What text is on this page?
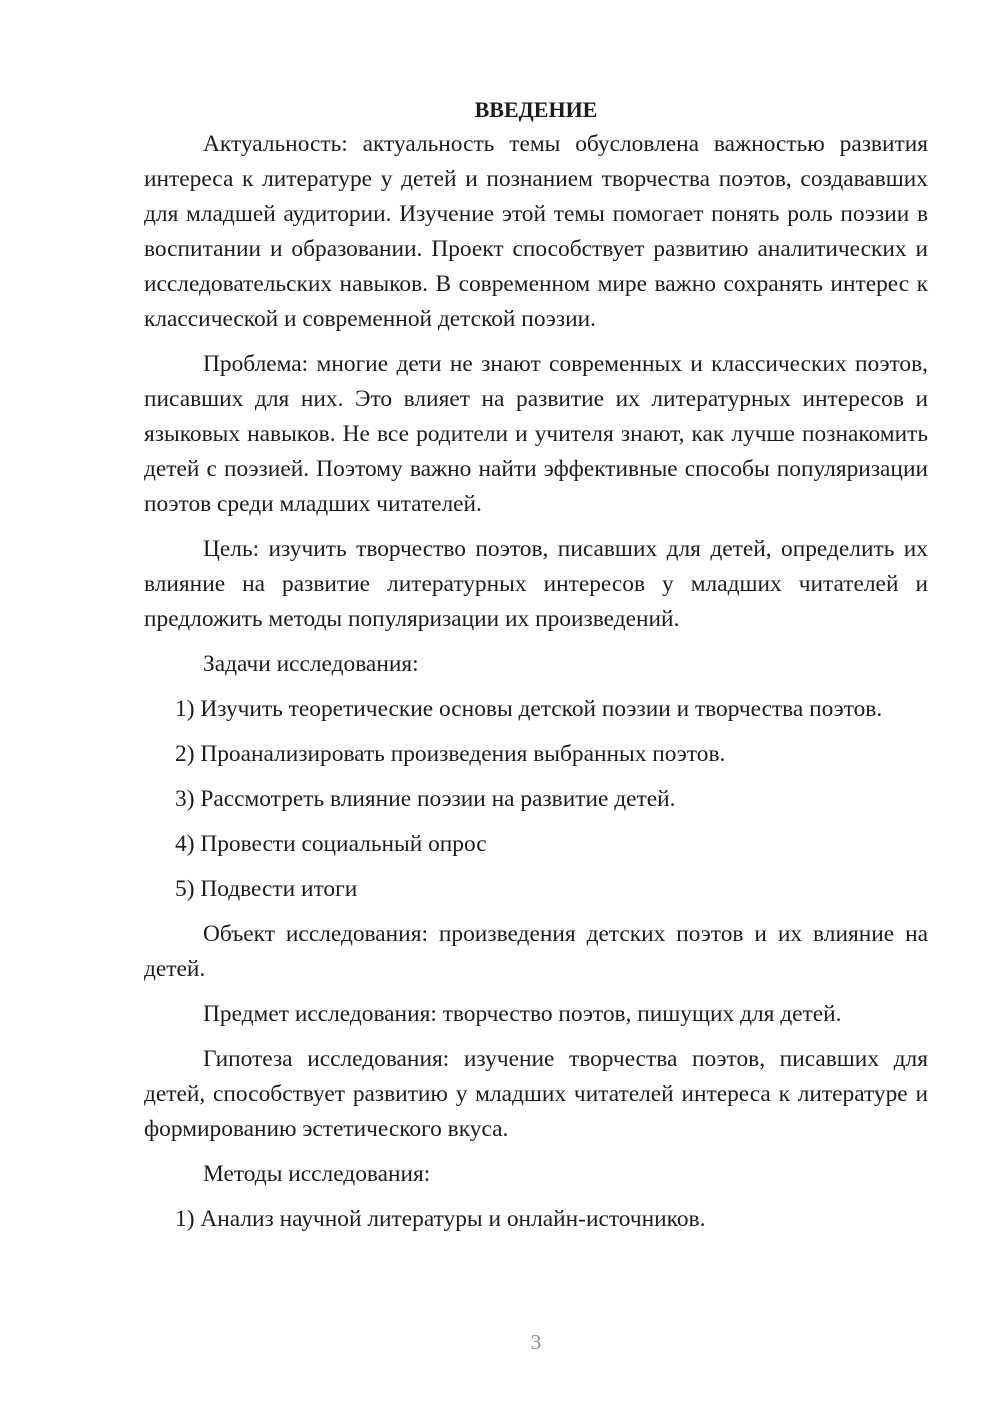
ВВЕДЕНИЕ

Актуальность: актуальность темы обусловлена важностью развития интереса к литературе у детей и познанием творчества поэтов, создававших для младшей аудитории. Изучение этой темы помогает понять роль поэзии в воспитании и образовании. Проект способствует развитию аналитических и исследовательских навыков. В современном мире важно сохранять интерес к классической и современной детской поэзии.

Проблема: многие дети не знают современных и классических поэтов, писавших для них. Это влияет на развитие их литературных интересов и языковых навыков. Не все родители и учителя знают, как лучше познакомить детей с поэзией. Поэтому важно найти эффективные способы популяризации поэтов среди младших читателей.

Цель: изучить творчество поэтов, писавших для детей, определить их влияние на развитие литературных интересов у младших читателей и предложить методы популяризации их произведений.

Задачи исследования:

1) Изучить теоретические основы детской поэзии и творчества поэтов.

2) Проанализировать произведения выбранных поэтов.

3) Рассмотреть влияние поэзии на развитие детей.

4) Провести социальный опрос

5) Подвести итоги

Объект исследования: произведения детских поэтов и их влияние на детей.

Предмет исследования: творчество поэтов, пишущих для детей.

Гипотеза исследования: изучение творчества поэтов, писавших для детей, способствует развитию у младших читателей интереса к литературе и формированию эстетического вкуса.

Методы исследования:

1) Анализ научной литературы и онлайн-источников.

3
